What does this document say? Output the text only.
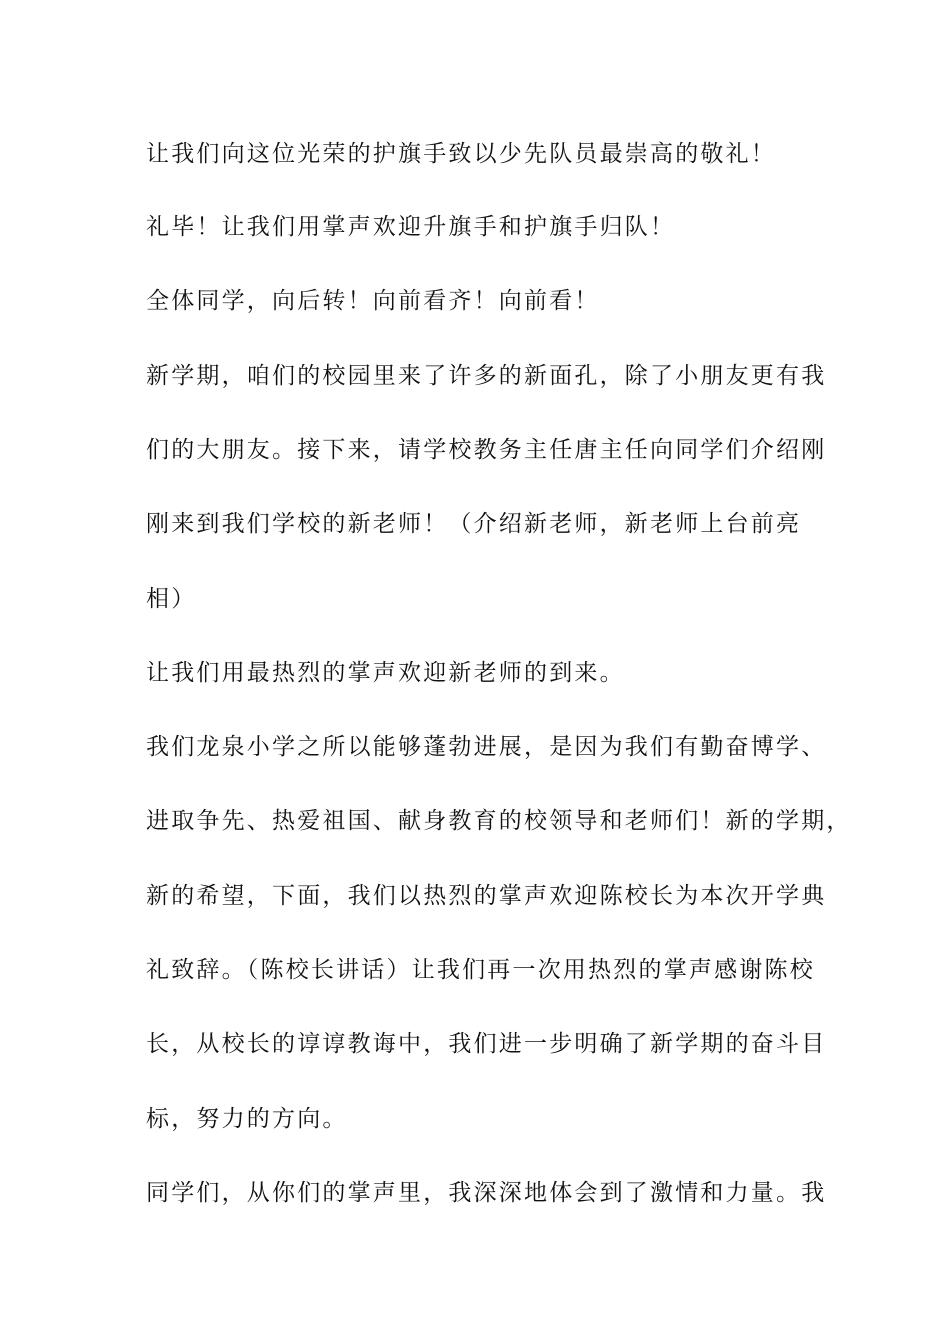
让我们向这位光荣的护旗手致以少先队员最崇高的敬礼！
礼毕！让我们用掌声欢迎升旗手和护旗手归队！
全体同学，向后转！向前看齐！向前看！
新学期，咱们的校园里来了许多的新面孔，除了小朋友更有我
们的大朋友。接下来，请学校教务主任唐主任向同学们介绍刚
刚来到我们学校的新老师！（介绍新老师，新老师上台前亮
相）
让我们用最热烈的掌声欢迎新老师的到来。
我们龙泉小学之所以能够蓬勃进展，是因为我们有勤奋博学、
进取争先、热爱祖国、献身教育的校领导和老师们！新的学期，
新的希望，下面，我们以热烈的掌声欢迎陈校长为本次开学典
礼致辞。（陈校长讲话）让我们再一次用热烈的掌声感谢陈校
长，从校长的谆谆教诲中，我们进一步明确了新学期的奋斗目
标，努力的方向。
同学们，从你们的掌声里，我深深地体会到了激情和力量。我
